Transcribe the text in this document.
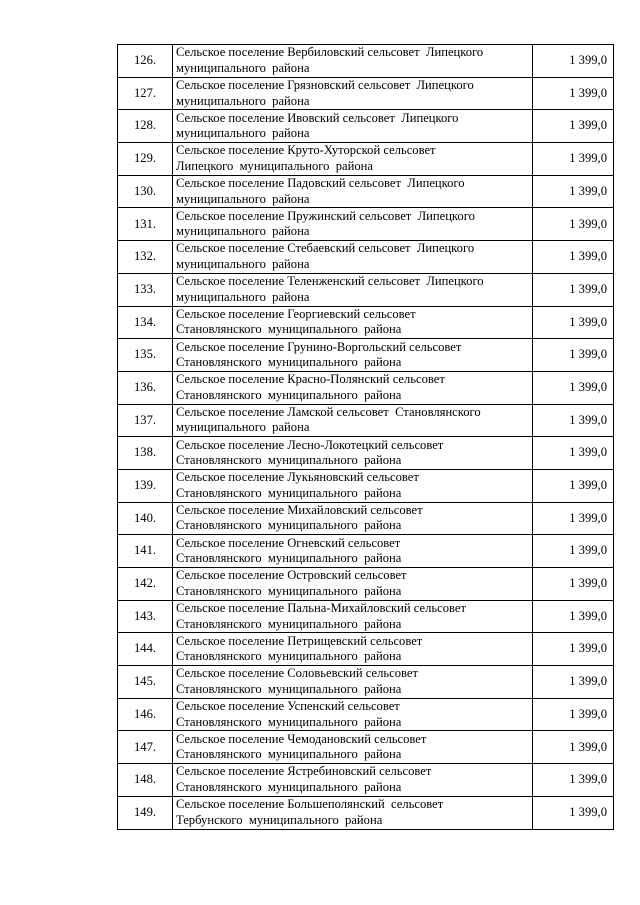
126.	Сельское поселение Вербиловский сельсовет  Липецкого
муниципального  района	1 399,0
127.	Сельское поселение Грязновский сельсовет  Липецкого
муниципального  района	1 399,0
128.	Сельское поселение Ивовский сельсовет  Липецкого
муниципального  района	1 399,0
129.	Сельское поселение Круто-Хуторской сельсовет
Липецкого  муниципального  района	1 399,0
130.	Сельское поселение Падовский сельсовет  Липецкого
муниципального  района	1 399,0
131.	Сельское поселение Пружинский сельсовет  Липецкого
муниципального  района	1 399,0
132.	Сельское поселение Стебаевский сельсовет  Липецкого
муниципального  района	1 399,0
133.	Сельское поселение Теленженский сельсовет  Липецкого
муниципального  района	1 399,0
134.	Сельское поселение Георгиевский сельсовет
Становлянского  муниципального  района	1 399,0
135.	Сельское поселение Грунино-Воргольский сельсовет
Становлянского  муниципального  района	1 399,0
136.	Сельское поселение Красно-Полянский сельсовет
Становлянского  муниципального  района	1 399,0
137.	Сельское поселение Ламской сельсовет  Становлянского
муниципального  района	1 399,0
138.	Сельское поселение Лесно-Локотецкий сельсовет
Становлянского  муниципального  района	1 399,0
139.	Сельское поселение Лукьяновский сельсовет
Становлянского  муниципального  района	1 399,0
140.	Сельское поселение Михайловский сельсовет
Становлянского  муниципального  района	1 399,0
141.	Сельское поселение Огневский сельсовет
Становлянского  муниципального  района	1 399,0
142.	Сельское поселение Островский сельсовет
Становлянского  муниципального  района	1 399,0
143.	Сельское поселение Пальна-Михайловский сельсовет
Становлянского  муниципального  района	1 399,0
144.	Сельское поселение Петрищевский сельсовет
Становлянского  муниципального  района	1 399,0
145.	Сельское поселение Соловьевский сельсовет
Становлянского  муниципального  района	1 399,0
146.	Сельское поселение Успенский сельсовет
Становлянского  муниципального  района	1 399,0
147.	Сельское поселение Чемодановский сельсовет
Становлянского  муниципального  района	1 399,0
148.	Сельское поселение Ястребиновский сельсовет
Становлянского  муниципального  района	1 399,0
149.	Сельское поселение Большеполянский  сельсовет
Тербунского  муниципального  района	1 399,0
